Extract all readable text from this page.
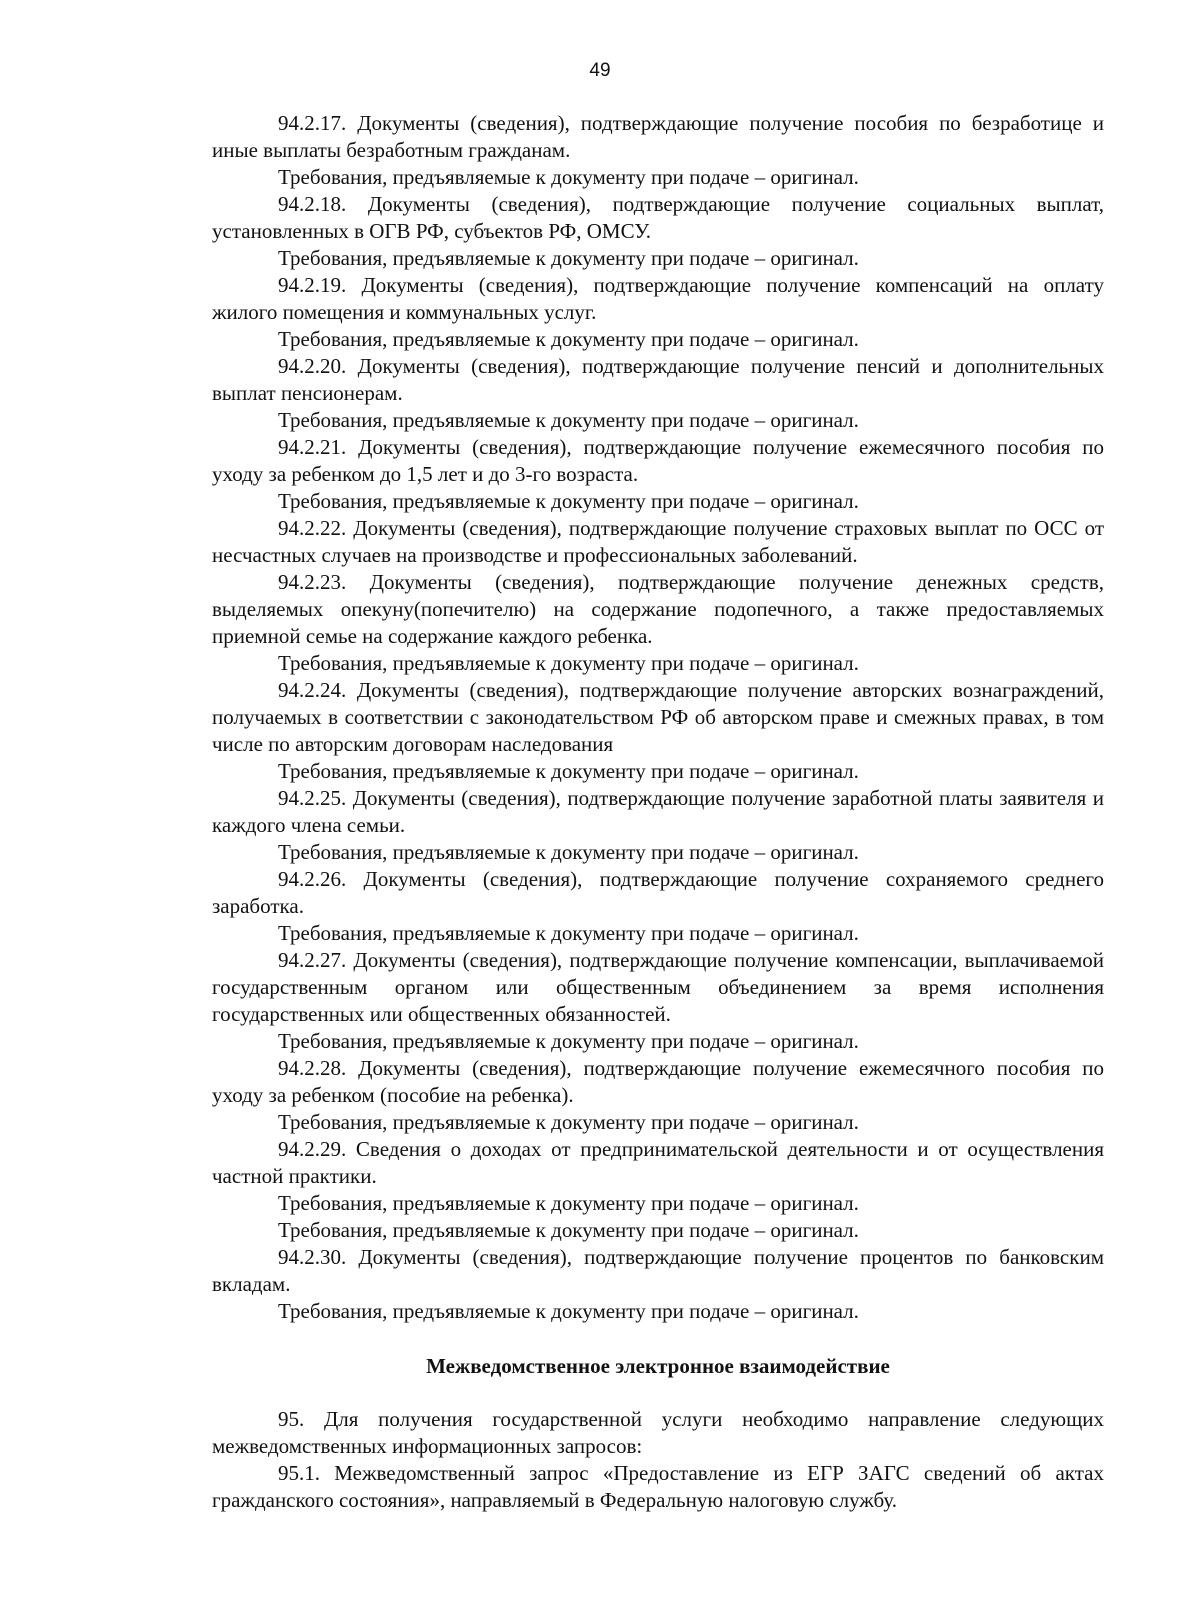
49

94.2.17. Документы (сведения), подтверждающие получение пособия по безработице и иные выплаты безработным гражданам.

Требования, предъявляемые к документу при подаче – оригинал.

94.2.18. Документы (сведения), подтверждающие получение социальных выплат, установленных в ОГВ РФ, субъектов РФ, ОМСУ.

Требования, предъявляемые к документу при подаче – оригинал.

94.2.19. Документы (сведения), подтверждающие получение компенсаций на оплату жилого помещения и коммунальных услуг.

Требования, предъявляемые к документу при подаче – оригинал.

94.2.20. Документы (сведения), подтверждающие получение пенсий и дополнительных выплат пенсионерам.

Требования, предъявляемые к документу при подаче – оригинал.

94.2.21. Документы (сведения), подтверждающие получение ежемесячного пособия по уходу за ребенком до 1,5 лет и до 3-го возраста.

Требования, предъявляемые к документу при подаче – оригинал.

94.2.22. Документы (сведения), подтверждающие получение страховых выплат по ОСС от несчастных случаев на производстве и профессиональных заболеваний.

94.2.23. Документы (сведения), подтверждающие получение денежных средств, выделяемых опекуну(попечителю) на содержание подопечного, а также предоставляемых приемной семье на содержание каждого ребенка.

Требования, предъявляемые к документу при подаче – оригинал.

94.2.24. Документы (сведения), подтверждающие получение авторских вознаграждений, получаемых в соответствии с законодательством РФ об авторском праве и смежных правах, в том числе по авторским договорам наследования

Требования, предъявляемые к документу при подаче – оригинал.

94.2.25. Документы (сведения), подтверждающие получение заработной платы заявителя и каждого члена семьи.

Требования, предъявляемые к документу при подаче – оригинал.

94.2.26. Документы (сведения), подтверждающие получение сохраняемого среднего заработка.

Требования, предъявляемые к документу при подаче – оригинал.

94.2.27. Документы (сведения), подтверждающие получение компенсации, выплачиваемой государственным органом или общественным объединением за время исполнения государственных или общественных обязанностей.

Требования, предъявляемые к документу при подаче – оригинал.

94.2.28. Документы (сведения), подтверждающие получение ежемесячного пособия по уходу за ребенком (пособие на ребенка).

Требования, предъявляемые к документу при подаче – оригинал.

94.2.29. Сведения о доходах от предпринимательской деятельности и от осуществления частной практики.

Требования, предъявляемые к документу при подаче – оригинал.

Требования, предъявляемые к документу при подаче – оригинал.

94.2.30. Документы (сведения), подтверждающие получение процентов по банковским вкладам.

Требования, предъявляемые к документу при подаче – оригинал.

Межведомственное электронное взаимодействие

95. Для получения государственной услуги необходимо направление следующих межведомственных информационных запросов:

95.1. Межведомственный запрос «Предоставление из ЕГР ЗАГС сведений об актах гражданского состояния», направляемый в Федеральную налоговую службу.
